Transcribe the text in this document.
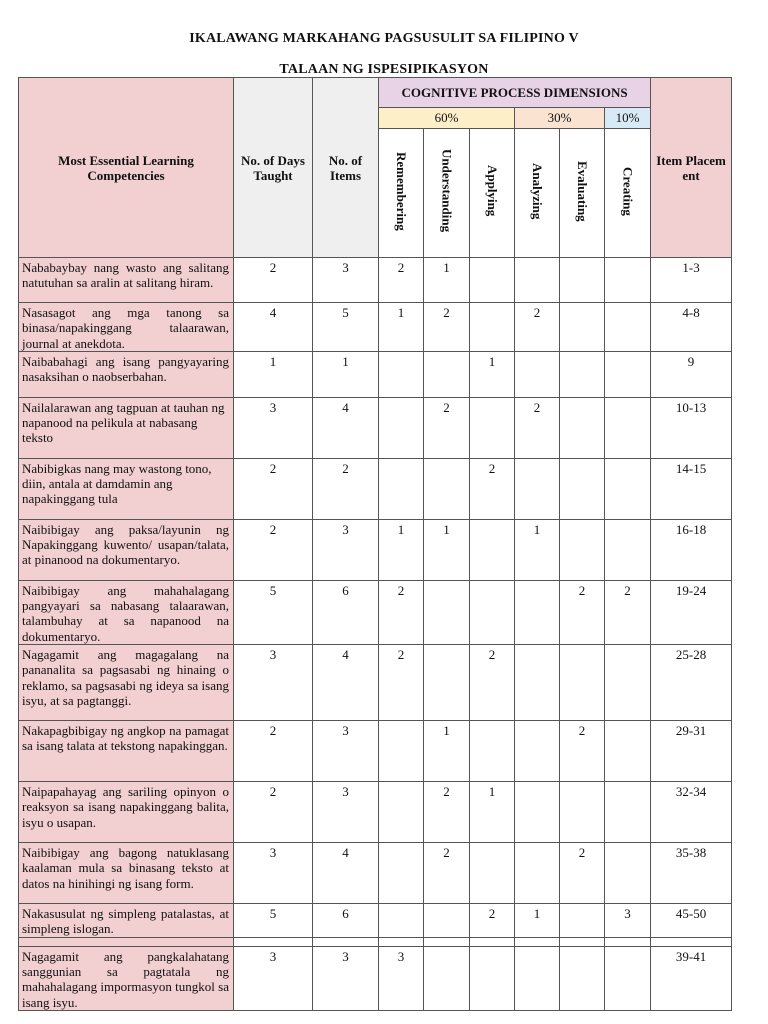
IKALAWANG MARKAHANG PAGSUSULIT SA FILIPINO V
TALAAN NG ISPESIPIKASYON
Most Essential Learning Competencies	No. of Days Taught	No. of Items	COGNITIVE PROCESS DIMENSIONS						Item Placem ent
			60%			30%		10%	
			Remembering	Understanding	Applying	Analyzing	Evaluating	Creating	
Nababaybay nang wasto ang salitang natutuhan sa aralin at salitang hiram.	2	3	2	1					1-3
Nasasagot ang mga tanong sa binasa/napakinggang talaarawan, journal at anekdota.	4	5	1	2		2			4-8
Naibabahagi ang isang pangyayaring nasaksihan o naobserbahan.	1	1			1				9
Nailalarawan ang tagpuan at tauhan ng napanood na pelikula at nabasang teksto	3	4		2		2			10-13
Nabibigkas nang may wastong tono, diin, antala at damdamin ang napakinggang tula	2	2			2				14-15
Naibibigay ang paksa/layunin ng Napakinggang kuwento/ usapan/talata, at pinanood na dokumentaryo.	2	3	1	1		1			16-18
Naibibigay ang mahahalagang pangyayari sa nabasang talaarawan, talambuhay at sa napanood na dokumentaryo.	5	6	2				2	2	19-24
Nagagamit ang magagalang na pananalita sa pagsasabi ng hinaing o reklamo, sa pagsasabi ng ideya sa isang isyu, at sa pagtanggi.	3	4	2		2				25-28
Nakapagbibigay ng angkop na pamagat sa isang talata at tekstong napakinggan.	2	3		1			2		29-31
Naipapahayag ang sariling opinyon o reaksyon sa isang napakinggang balita, isyu o usapan.	2	3		2	1				32-34
Naibibigay ang bagong natuklasang kaalaman mula sa binasang teksto at datos na hinihingi ng isang form.	3	4		2			2		35-38
Nakasusulat ng simpleng patalastas, at simpleng islogan.	5	6			2	1		3	45-50

Nagagamit ang pangkalahatang sanggunian sa pagtatala ng mahahalagang impormasyon tungkol sa isang isyu.	3	3	3						39-41
